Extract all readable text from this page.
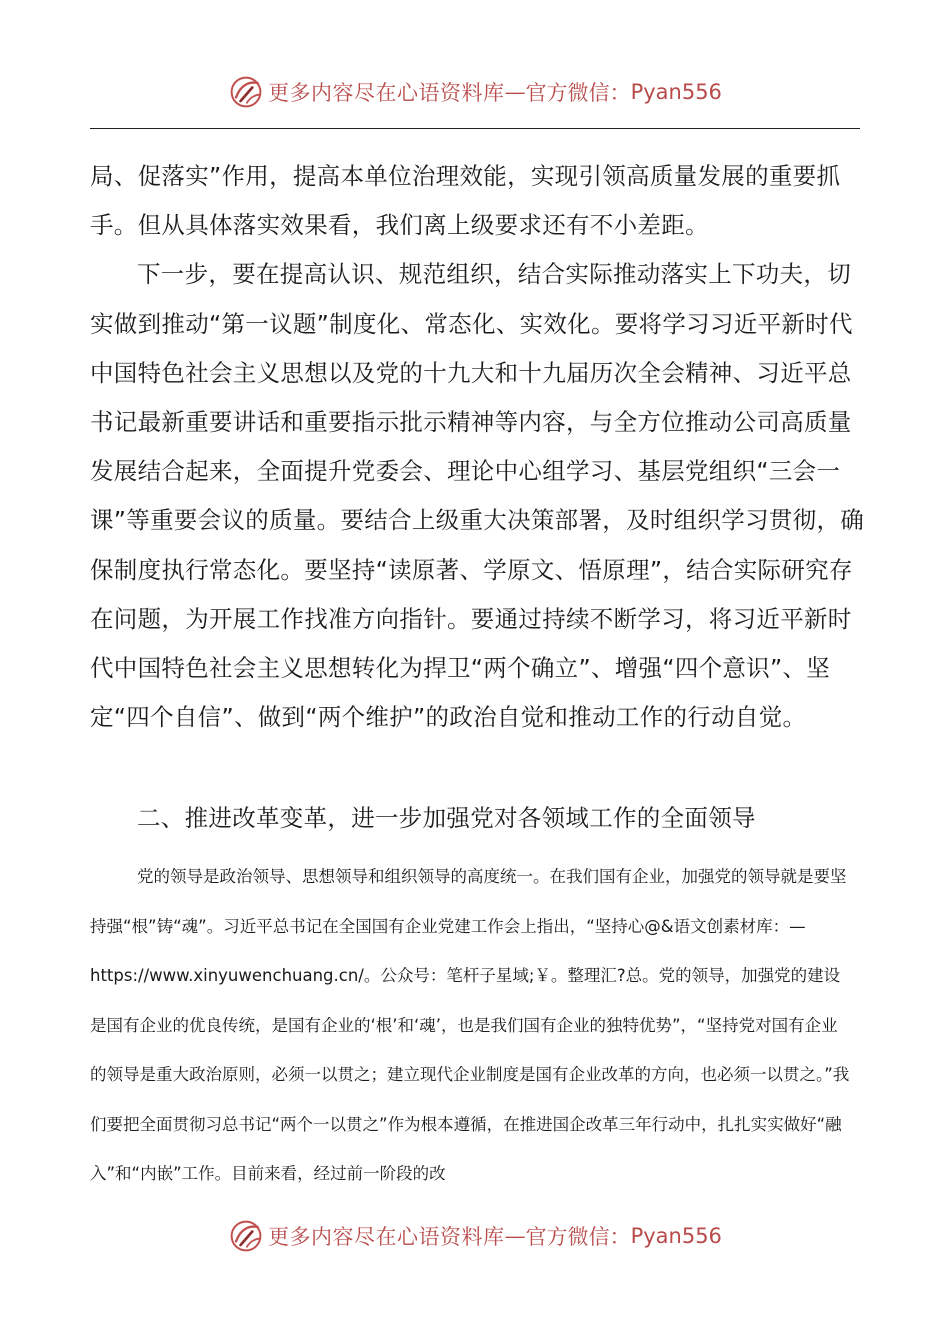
更多内容尽在心语资料库 — 官方微信： Pyan556

局、促落实”作用，提高本单位治理效能，实现引领高质量发展的重要抓手。但从具体落实效果看，我们离上级要求还有不小差距。

下一步，要在提高认识、规范组织，结合实际推动落实上下功夫，切实做到推动“第一议题”制度化、常态化、实效化。要将学习习近平新时代中国特色社会主义思想以及党的十九大和十九届历次全会精神、习近平总书记最新重要讲话和重要指示批示精神等内容，与全方位推动公司高质量发展结合起来，全面提升党委会、理论中心组学习、基层党组织“三会一课”等重要会议的质量。要结合上级重大决策部署，及时组织学习贯彻，确保制度执行常态化。要坚持“读原著、学原文、悟原理”，结合实际研究存在问题，为开展工作找准方向指针。要通过持续不断学习，将习近平新时代中国特色社会主义思想转化为捍卫“两个确立”、增强“四个意识”、坚定“四个自信”、做到“两个维护”的政治自觉和推动工作的行动自觉。

二、推进改革变革，进一步加强党对各领域工作的全面领导

党的领导是政治领导、思想领导和组织领导的高度统一。在我们国有企业，加强党的领导就是要坚持强“根”铸“魂”。习近平总书记在全国国有企业党建工作会上指出，“坚持心@&语文创素材库：—https://www.xinyuwenchuang.cn/。公众号：笔杆子星域;￥。整理汇?总。党的领导，加强党的建设是国有企业的优良传统，是国有企业的‘根’和‘魂’，也是我们国有企业的独特优势”，“坚持党对国有企业的领导是重大政治原则，必须一以贯之；建立现代企业制度是国有企业改革的方向，也必须一以贯之。”我们要把全面贯彻习总书记“两个一以贯之”作为根本遵循，在推进国企改革三年行动中，扎扎实实做好“融入”和“内嵌”工作。目前来看，经过前一阶段的改

更多内容尽在心语资料库 — 官方微信： Pyan556
